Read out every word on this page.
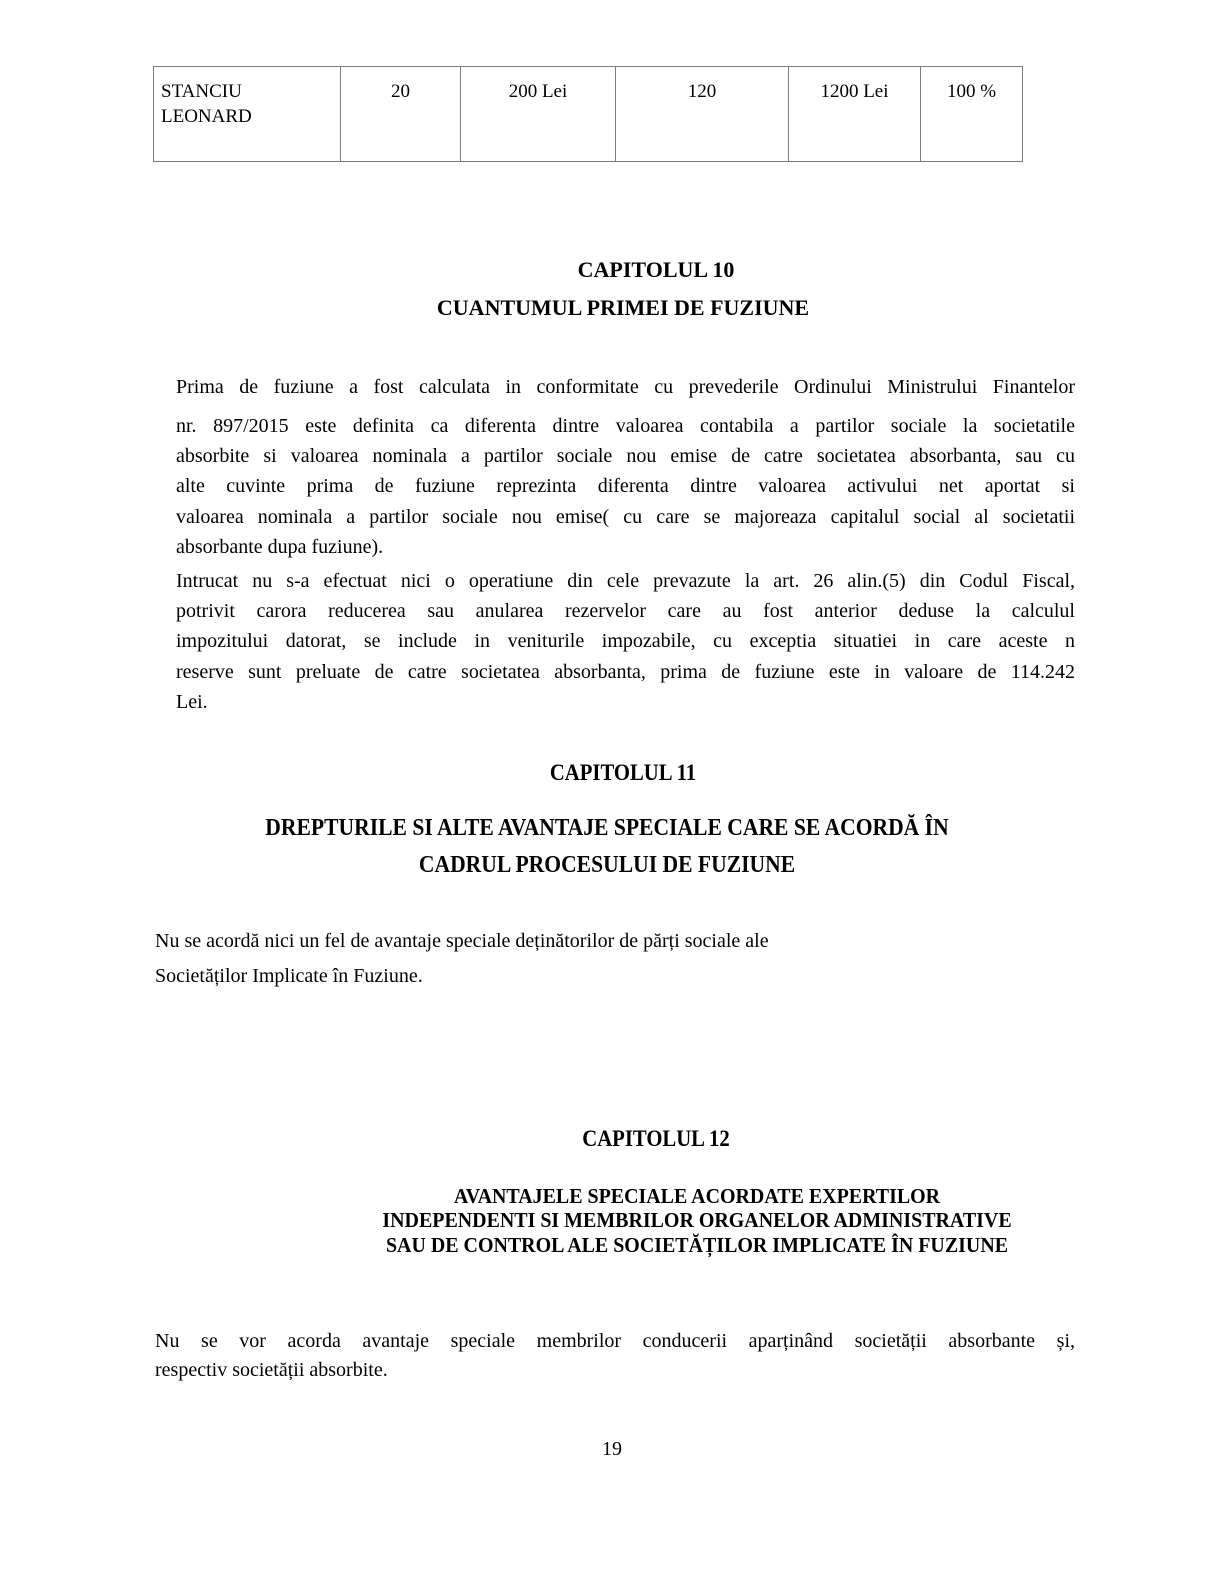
STANCIU LEONARD	20	200 Lei	120	1200 Lei	100 %
CAPITOLUL 10
CUANTUMUL PRIMEI DE FUZIUNE
Prima de fuziune a fost calculata in conformitate cu prevederile Ordinului Ministrului Finantelor
nr. 897/2015 este definita ca diferenta dintre valoarea contabila a partilor sociale la societatile
absorbite si valoarea nominala a partilor sociale nou emise de catre societatea absorbanta, sau cu
alte cuvinte prima de fuziune reprezinta diferenta dintre valoarea activului net aportat si
valoarea nominala a partilor sociale nou emise( cu care se majoreaza capitalul social al societatii
absorbante dupa fuziune).
Intrucat nu s-a efectuat nici o operatiune din cele prevazute la art. 26 alin.(5) din Codul Fiscal,
potrivit carora reducerea sau anularea rezervelor care au fost anterior deduse la calculul
impozitului datorat, se include in veniturile impozabile, cu exceptia situatiei in care aceste n
reserve sunt preluate de catre societatea absorbanta, prima de fuziune este in valoare de 114.242
Lei.
CAPITOLUL 11
DREPTURILE SI ALTE AVANTAJE SPECIALE CARE SE ACORDĂ ÎN
CADRUL PROCESULUI DE FUZIUNE
Nu se acordă nici un fel de avantaje speciale deținătorilor de părți sociale ale
Societăților Implicate în Fuziune.
CAPITOLUL 12
AVANTAJELE SPECIALE ACORDATE EXPERTILOR
INDEPENDENTI SI MEMBRILOR ORGANELOR ADMINISTRATIVE
SAU DE CONTROL ALE SOCIETĂȚILOR IMPLICATE ÎN FUZIUNE
Nu se vor acorda avantaje speciale membrilor conducerii aparținând societății absorbante și,
respectiv societății absorbite.
19
